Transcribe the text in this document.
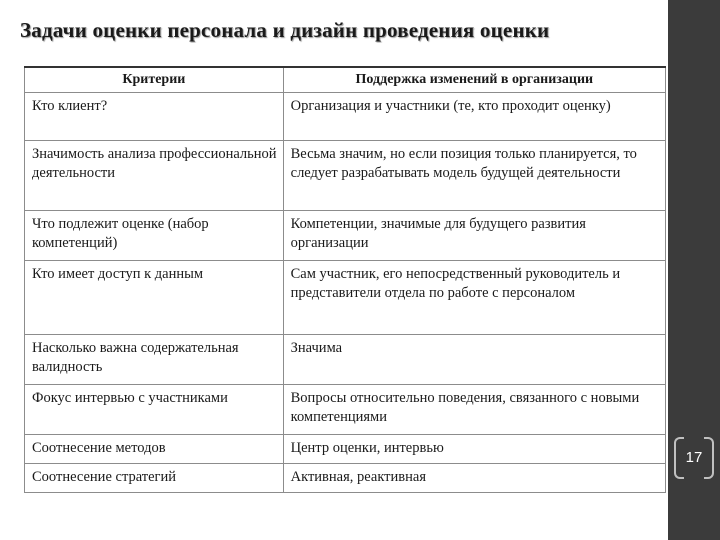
Задачи оценки персонала и дизайн проведения оценки
Критерии	Поддержка изменений в организации
Кто клиент?	Организация и участники (те, кто проходит оценку)
Значимость анализа профессиональной деятельности	Весьма значим, но если позиция только планируется, то следует разрабатывать модель будущей деятельности
Что подлежит оценке (набор компетенций)	Компетенции, значимые для будущего развития организации
Кто имеет доступ к данным	Сам участник, его непосредственный руководитель и представители отдела по работе с персоналом
Насколько важна содержательная валидность	Значима
Фокус интервью с участниками	Вопросы относительно поведения, связанного с новыми компетенциями
Соотнесение методов	Центр оценки, интервью
Соотнесение стратегий	Активная, реактивная
17
